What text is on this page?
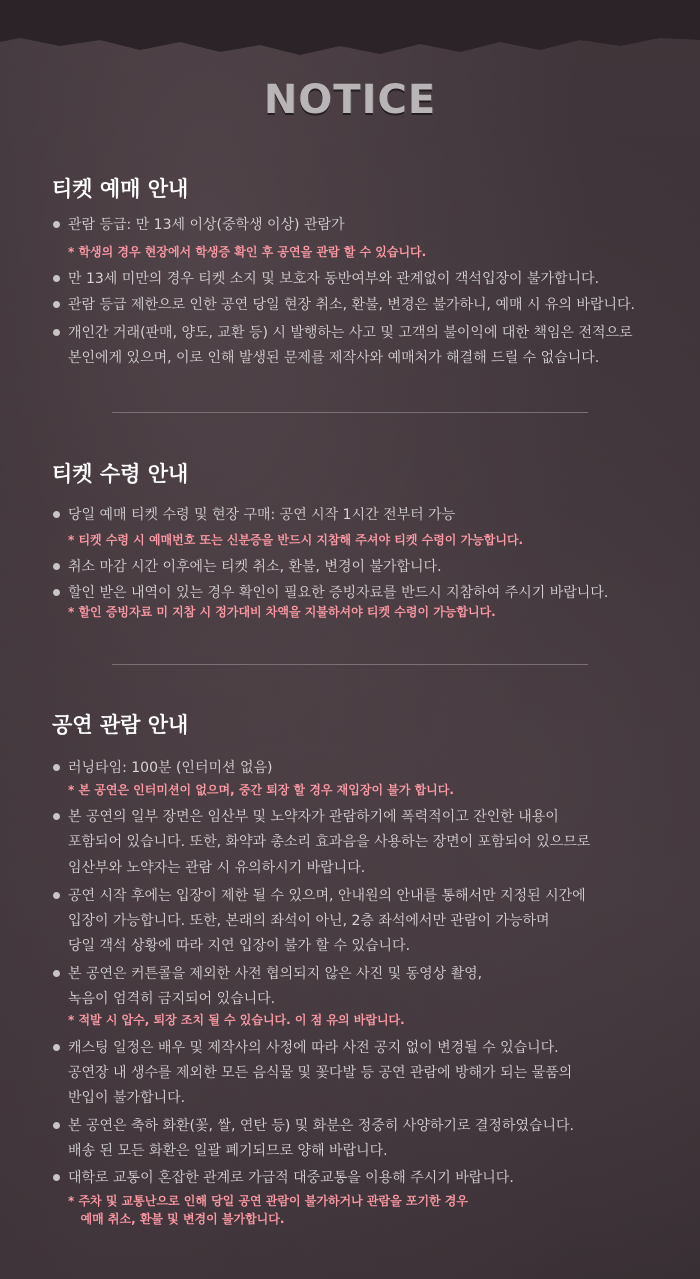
NOTICE
티켓 예매 안내
관람 등급: 만 13세 이상(중학생 이상) 관람가
* 학생의 경우 현장에서 학생증 확인 후 공연을 관람 할 수 있습니다.
만 13세 미만의 경우 티켓 소지 및 보호자 동반여부와 관계없이 객석입장이 불가합니다.
관람 등급 제한으로 인한 공연 당일 현장 취소, 환불, 변경은 불가하니, 예매 시 유의 바랍니다.
개인간 거래(판매, 양도, 교환 등) 시 발행하는 사고 및 고객의 불이익에 대한 책임은 전적으로
본인에게 있으며, 이로 인해 발생된 문제를 제작사와 예매처가 해결해 드릴 수 없습니다.
티켓 수령 안내
당일 예매 티켓 수령 및 현장 구매: 공연 시작 1시간 전부터 가능
* 티켓 수령 시 예매번호 또는 신분증을 반드시 지참해 주셔야 티켓 수령이 가능합니다.
취소 마감 시간 이후에는 티켓 취소, 환불, 변경이 불가합니다.
할인 받은 내역이 있는 경우 확인이 필요한 증빙자료를 반드시 지참하여 주시기 바랍니다.
* 할인 증빙자료 미 지참 시 정가대비 차액을 지불하셔야 티켓 수령이 가능합니다.
공연 관람 안내
러닝타임: 100분 (인터미션 없음)
* 본 공연은 인터미션이 없으며, 중간 퇴장 할 경우 재입장이 불가 합니다.
본 공연의 일부 장면은 임산부 및 노약자가 관람하기에 폭력적이고 잔인한 내용이
포함되어 있습니다. 또한, 화약과 총소리 효과음을 사용하는 장면이 포함되어 있으므로
임산부와 노약자는 관람 시 유의하시기 바랍니다.
공연 시작 후에는 입장이 제한 될 수 있으며, 안내원의 안내를 통해서만 지정된 시간에
입장이 가능합니다. 또한, 본래의 좌석이 아닌, 2층 좌석에서만 관람이 가능하며
당일 객석 상황에 따라 지연 입장이 불가 할 수 있습니다.
본 공연은 커튼콜을 제외한 사전 협의되지 않은 사진 및 동영상 촬영,
녹음이 엄격히 금지되어 있습니다.
* 적발 시 압수, 퇴장 조치 될 수 있습니다. 이 점 유의 바랍니다.
캐스팅 일정은 배우 및 제작사의 사정에 따라 사전 공지 없이 변경될 수 있습니다.
공연장 내 생수를 제외한 모든 음식물 및 꽃다발 등 공연 관람에 방해가 되는 물품의
반입이 불가합니다.
본 공연은 축하 화환(꽃, 쌀, 연탄 등) 및 화분은 정중히 사양하기로 결정하였습니다.
배송 된 모든 화환은 일괄 폐기되므로 양해 바랍니다.
대학로 교통이 혼잡한 관계로 가급적 대중교통을 이용해 주시기 바랍니다.
* 주차 및 교통난으로 인해 당일 공연 관람이 불가하거나 관람을 포기한 경우
예매 취소, 환불 및 변경이 불가합니다.
